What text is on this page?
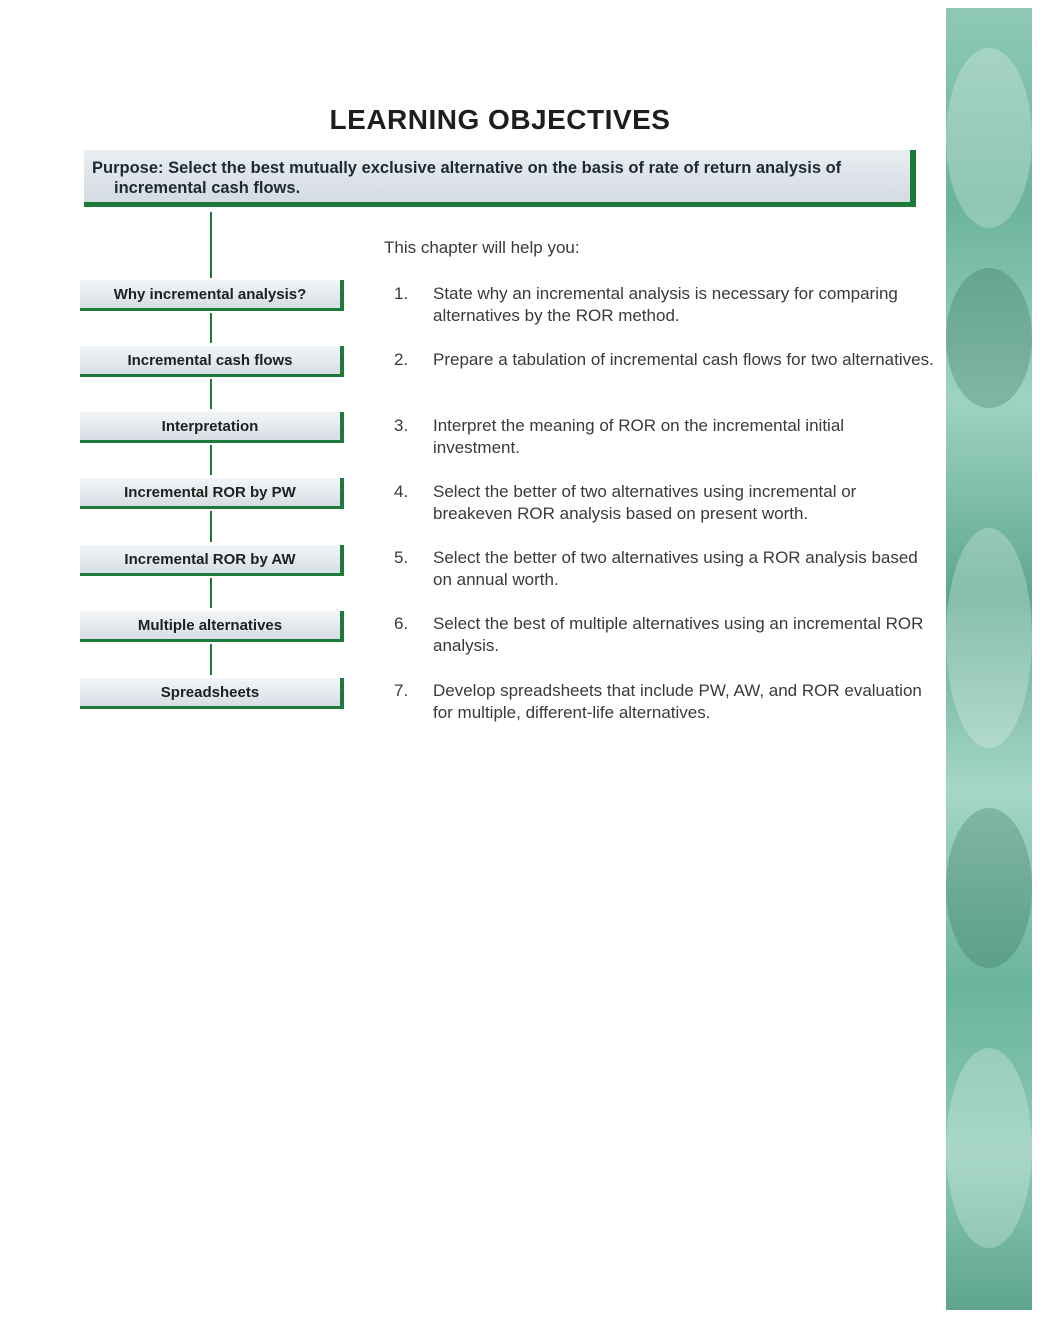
LEARNING OBJECTIVES
Purpose: Select the best mutually exclusive alternative on the basis of rate of return analysis of
incremental cash flows.
Why incremental analysis?
Incremental cash flows
Interpretation
Incremental ROR by PW
Incremental ROR by AW
Multiple alternatives
Spreadsheets
This chapter will help you:
1. State why an incremental analysis is necessary for comparing alternatives by the ROR method.
2. Prepare a tabulation of incremental cash flows for two alternatives.
3. Interpret the meaning of ROR on the incremental initial investment.
4. Select the better of two alternatives using incremental or breakeven ROR analysis based on present worth.
5. Select the better of two alternatives using a ROR analysis based on annual worth.
6. Select the best of multiple alternatives using an incremental ROR analysis.
7. Develop spreadsheets that include PW, AW, and ROR evaluation for multiple, different-life alternatives.
